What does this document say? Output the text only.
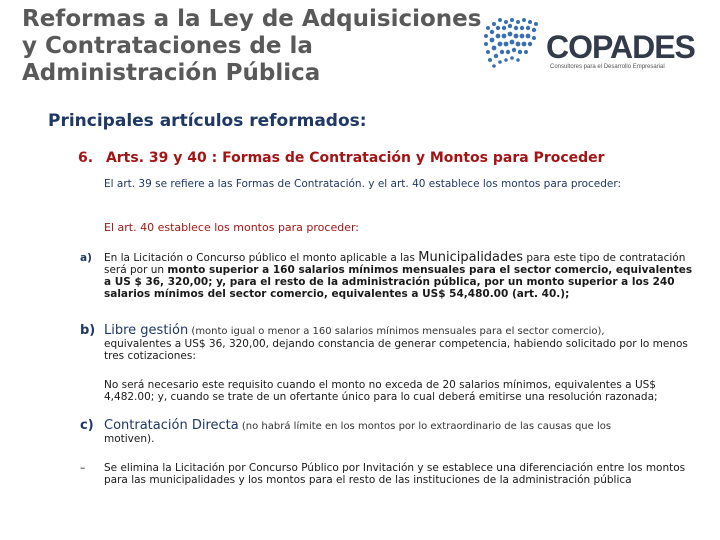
Reformas a la Ley de Adquisiciones y Contrataciones de la Administración Pública
COPADES
Consultores para el Desarrollo Empresarial
Principales artículos reformados:
6. Arts. 39 y 40 : Formas de Contratación y Montos para Proceder
El art. 39 se refiere a las Formas de Contratación. y el art. 40 establece los montos para proceder:
El art. 40 establece los montos para proceder:
a) En la Licitación o Concurso público el monto aplicable a las Municipalidades para este tipo de contratación será por un monto superior a 160 salarios mínimos mensuales para el sector comercio, equivalentes a US $ 36, 320,00; y, para el resto de la administración pública, por un monto superior a los 240 salarios mínimos del sector comercio, equivalentes a US$ 54,480.00 (art. 40.);
b) Libre gestión (monto igual o menor a 160 salarios mínimos mensuales para el sector comercio),
equivalentes a US$ 36, 320,00, dejando constancia de generar competencia, habiendo solicitado por lo menos tres cotizaciones:
No será necesario este requisito cuando el monto no exceda de 20 salarios mínimos, equivalentes a US$ 4,482.00; y, cuando se trate de un ofertante único para lo cual deberá emitirse una resolución razonada;
c) Contratación Directa (no habrá límite en los montos por lo extraordinario de las causas que los
motiven).
– Se elimina la Licitación por Concurso Público por Invitación y se establece una diferenciación entre los montos para las municipalidades y los montos para el resto de las instituciones de la administración pública
